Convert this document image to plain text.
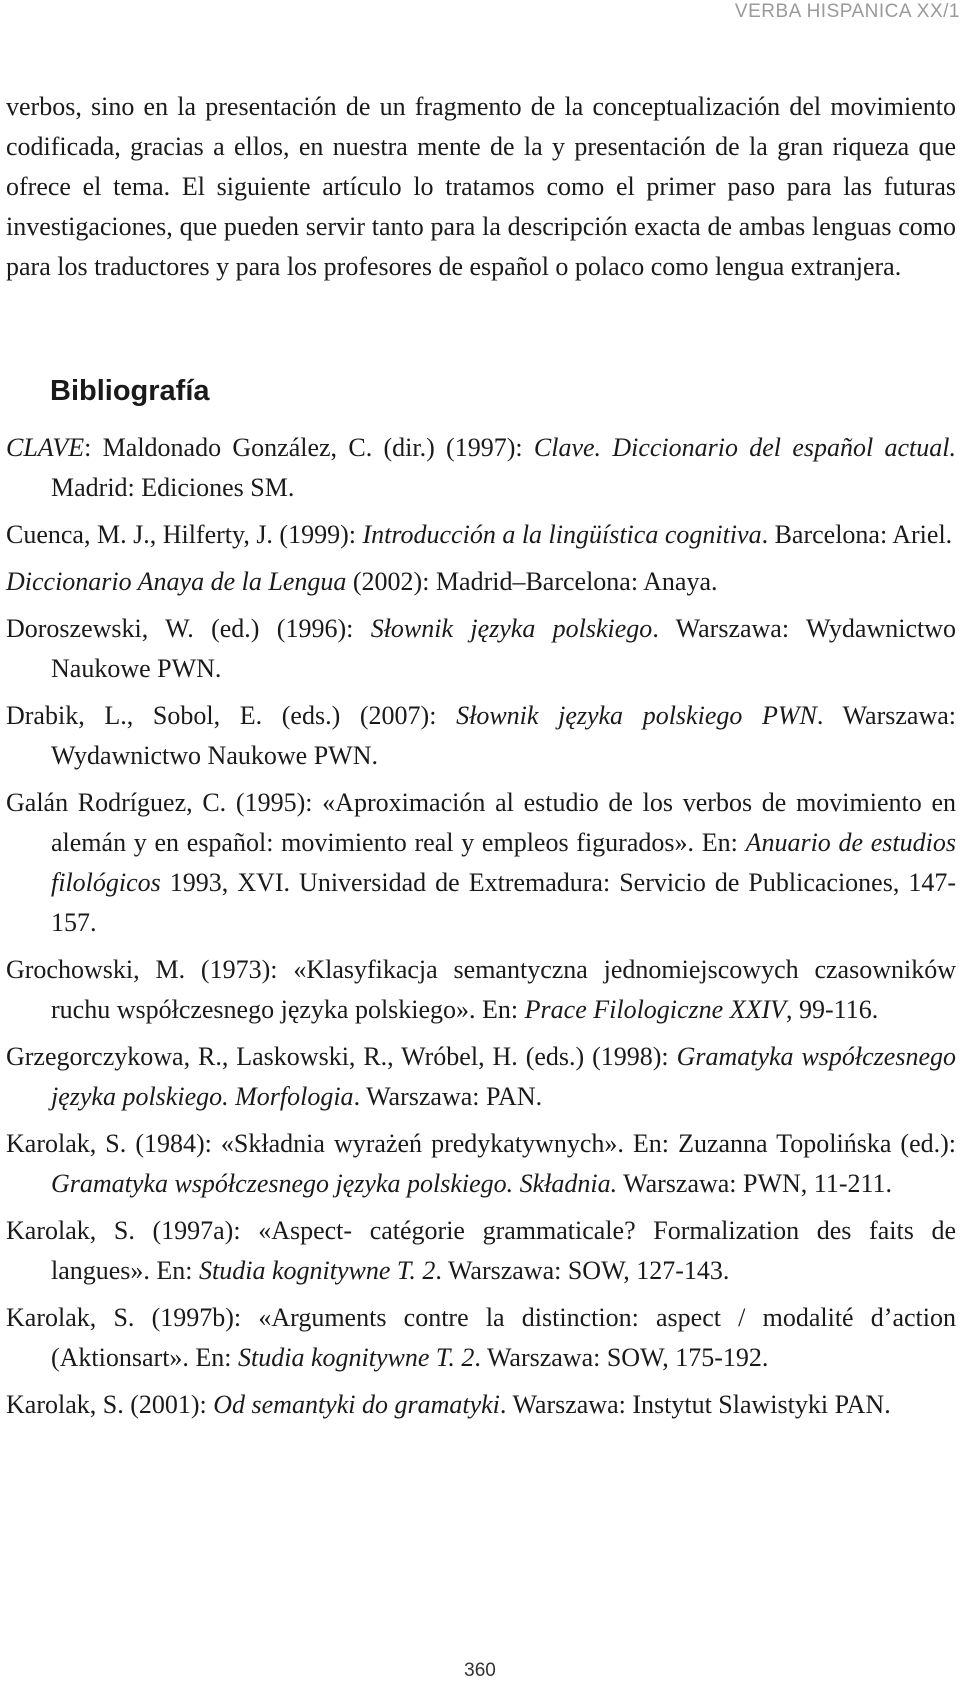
VERBA HISPANICA XX/1

verbos, sino en la presentación de un fragmento de la conceptualización del movimiento codificada, gracias a ellos, en nuestra mente de la y presentación de la gran riqueza que ofrece el tema. El siguiente artículo lo tratamos como el primer paso para las futuras investigaciones, que pueden servir tanto para la descripción exacta de ambas lenguas como para los traductores y para los profesores de español o polaco como lengua extranjera.

Bibliografía

CLAVE: Maldonado González, C. (dir.) (1997): Clave. Diccionario del español actual. Madrid: Ediciones SM.

Cuenca, M. J., Hilferty, J. (1999): Introducción a la lingüística cognitiva. Barcelona: Ariel.

Diccionario Anaya de la Lengua (2002): Madrid–Barcelona: Anaya.

Doroszewski, W. (ed.) (1996): Słownik języka polskiego. Warszawa: Wydawnictwo Naukowe PWN.

Drabik, L., Sobol, E. (eds.) (2007): Słownik języka polskiego PWN. Warszawa: Wydawnictwo Naukowe PWN.

Galán Rodríguez, C. (1995): «Aproximación al estudio de los verbos de movimiento en alemán y en español: movimiento real y empleos figurados». En: Anuario de estudios filológicos 1993, XVI. Universidad de Extremadura: Servicio de Publicaciones, 147-157.

Grochowski, M. (1973): «Klasyfikacja semantyczna jednomiejscowych czasowników ruchu współczesnego języka polskiego». En: Prace Filologiczne XXIV, 99-116.

Grzegorczykowa, R., Laskowski, R., Wróbel, H. (eds.) (1998): Gramatyka współczesnego języka polskiego. Morfologia. Warszawa: PAN.

Karolak, S. (1984): «Składnia wyrażeń predykatywnych». En: Zuzanna Topolińska (ed.): Gramatyka współczesnego języka polskiego. Składnia. Warszawa: PWN, 11-211.

Karolak, S. (1997a): «Aspect- catégorie grammaticale? Formalization des faits de langues». En: Studia kognitywne T. 2. Warszawa: SOW, 127-143.

Karolak, S. (1997b): «Arguments contre la distinction: aspect / modalité d’action (Aktionsart». En: Studia kognitywne T. 2. Warszawa: SOW, 175-192.

Karolak, S. (2001): Od semantyki do gramatyki. Warszawa: Instytut Slawistyki PAN.

360
